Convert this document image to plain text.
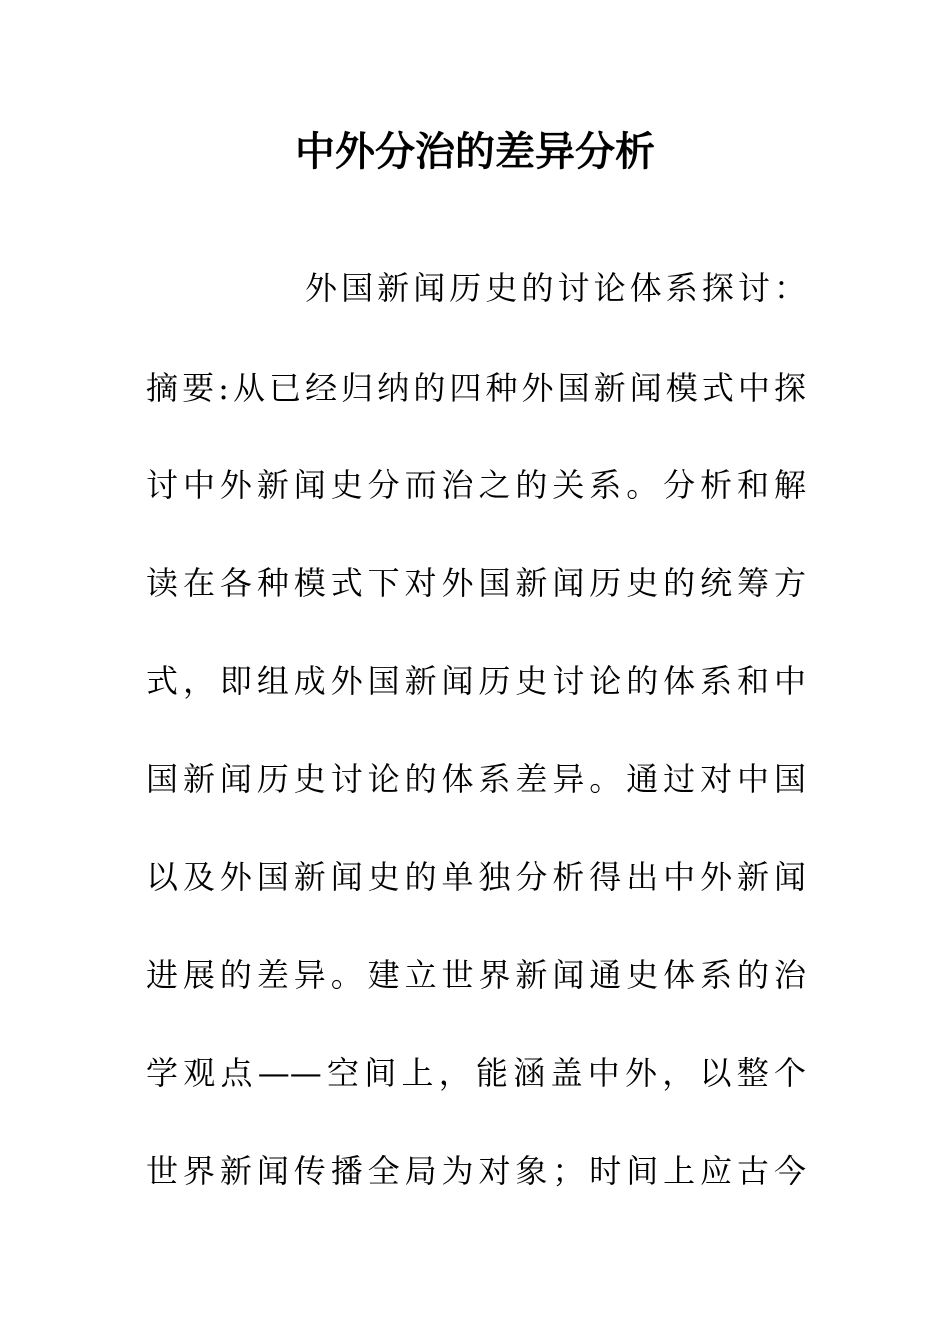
中外分治的差异分析

外国新闻历史的讨论体系探讨：

摘要:从已经归纳的四种外国新闻模式中探

讨中外新闻史分而治之的关系。分析和解

读在各种模式下对外国新闻历史的统筹方

式，即组成外国新闻历史讨论的体系和中

国新闻历史讨论的体系差异。通过对中国

以及外国新闻史的单独分析得出中外新闻

进展的差异。建立世界新闻通史体系的治

学观点——空间上，能涵盖中外，以整个

世界新闻传播全局为对象；时间上应古今
